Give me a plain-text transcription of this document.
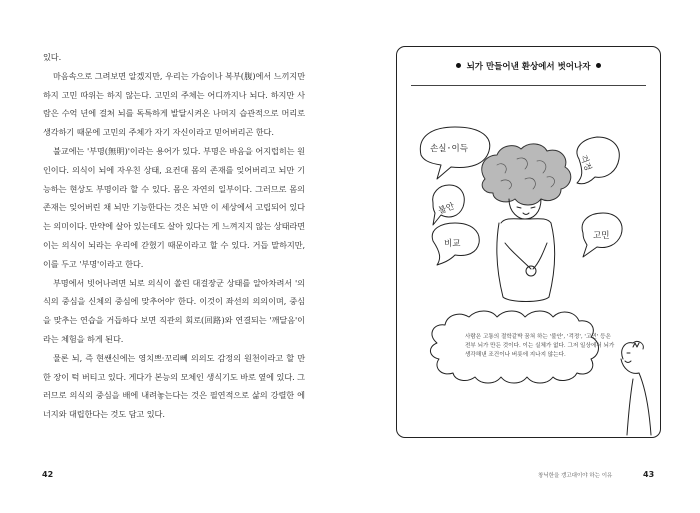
있다.

마음속으로 그려보면 알겠지만, 우리는 가슴이나 복부(腹)에서 느끼지만 하지 고민 따위는 하지 않는다. 고민의 주체는 어디까지나 뇌다. 하지만 사람은 수억 년에 걸쳐 뇌를 독특하게 발달시켜온 나머지 습관적으로 머리로 생각하기 때문에 고민의 주체가 자기 자신이라고 믿어버리곤 한다.

불교에는 '부명(無明)'이라는 용어가 있다. 부명은 바음을 어지럽히는 원인이다. 의식이 뇌에 자우친 상태, 요컨대 몸의 존재를 잊어버리고 뇌만 기능하는 현상도 부명이라 할 수 있다. 몸은 자연의 일부이다. 그러므로 몸의 존재는 잊어버린 채 뇌만 기능한다는 것은 뇌만 이 세상에서 고립되어 있다는 의미이다. 만약에 살아 있는데도 살아 있다는 게 느껴지지 않는 상태라면 이는 의식이 뇌라는 우리에 갇혔기 때문이라고 할 수 있다. 거듭 말하지만, 이를 두고 '부명'이라고 한다.

부명에서 빗어나려면 뇌로 의식이 쏠린 대걸장군 상태를 알아차려서 '의식의 중심을 신체의 중심에 맞추어야' 한다. 이것이 좌선의 의의이며, 중심을 맞추는 연습을 거듭하다 보면 직관의 회로(回路)와 연결되는 '깨달음'이라는 체험을 하게 된다.

물론 뇌, 즉 현쌘신에는 영치쁘·꼬리뻬 의의도 감정의 원천이라고 할 만한 장이 턱 버티고 있다. 게다가 본능의 모체인 생식기도 바로 옆에 있다. 그러므로 의식의 중심을 배에 내려놓는다는 것은 필연적으로 삶의 강렬한 에너지와 대립한다는 것도 담고 있다.

42
뇌가 만들어낸 환상에서 벗어나자
손실·이득
걱정
불안
비교
고민
사람은 고통의 절학같박 꿈쳐 하는 '불안', '걱정', '고민' 등은 전부 뇌가 만든 것이다. 이는 실체가 없다. 그저 일상에서 뇌가 생각해낸 조건이나 버릇에 지나지 않는다.
창닉한을 갱고대이야 하는 이유	43
